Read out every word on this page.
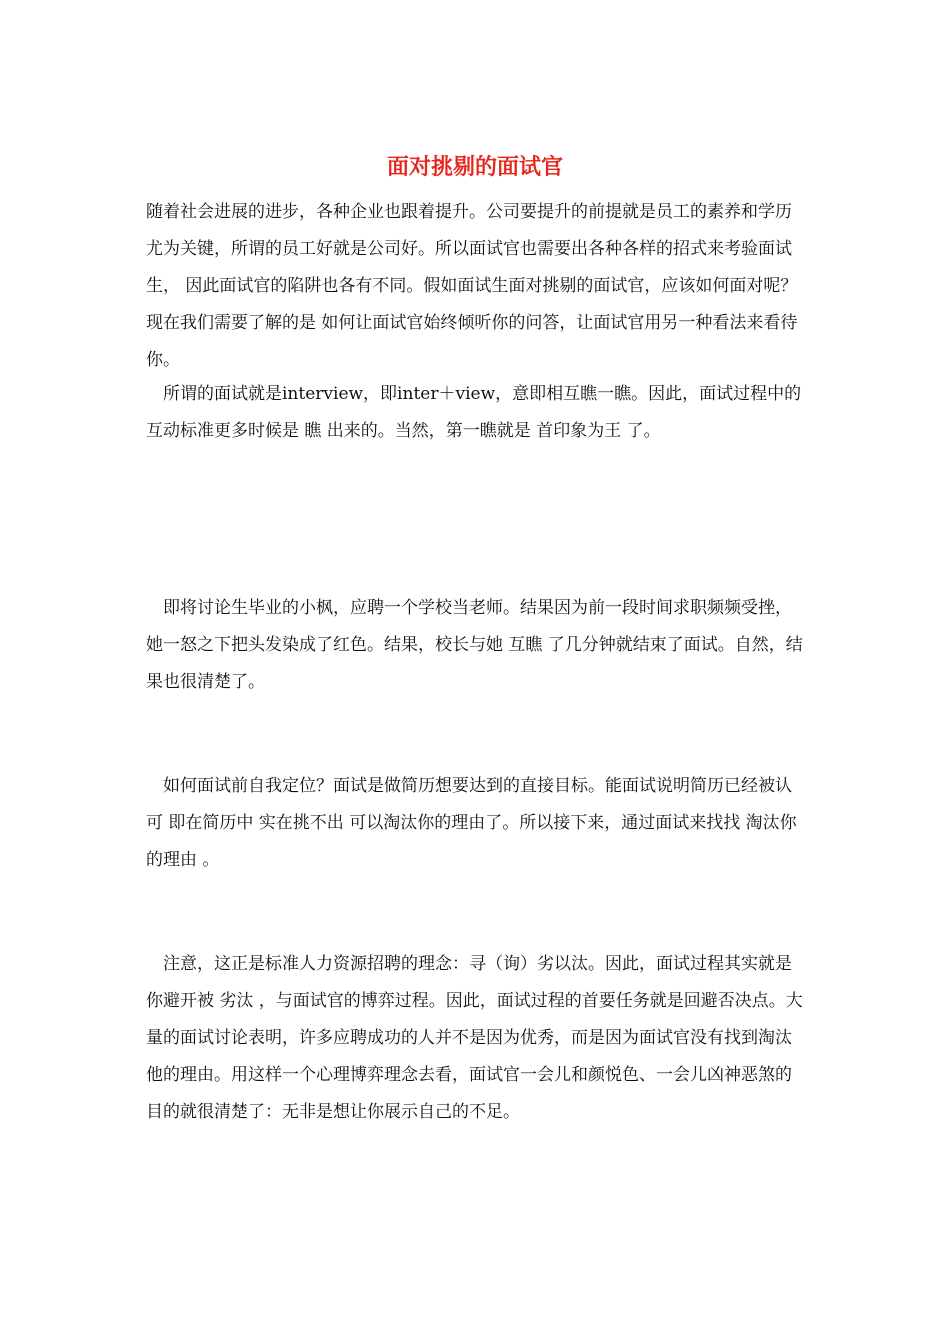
面对挑剔的面试官

随着社会进展的进步，各种企业也跟着提升。公司要提升的前提就是员工的素养和学历尤为关键，所谓的员工好就是公司好。所以面试官也需要出各种各样的招式来考验面试生， 因此面试官的陷阱也各有不同。假如面试生面对挑剔的面试官，应该如何面对呢？现在我们需要了解的是 如何让面试官始终倾听你的问答，让面试官用另一种看法来看待你。

所谓的面试就是interview，即inter＋view，意即相互瞧一瞧。因此，面试过程中的互动标准更多时候是 瞧 出来的。当然，第一瞧就是 首印象为王 了。

即将讨论生毕业的小枫，应聘一个学校当老师。结果因为前一段时间求职频频受挫，她一怒之下把头发染成了红色。结果，校长与她 互瞧 了几分钟就结束了面试。自然，结果也很清楚了。

如何面试前自我定位？面试是做简历想要达到的直接目标。能面试说明简历已经被认可 即在简历中 实在挑不出 可以淘汰你的理由了。所以接下来，通过面试来找找 淘汰你的理由 。

注意，这正是标准人力资源招聘的理念：寻（询）劣以汰。因此，面试过程其实就是你避开被 劣汰 ，与面试官的博弈过程。因此，面试过程的首要任务就是回避否决点。大量的面试讨论表明，许多应聘成功的人并不是因为优秀，而是因为面试官没有找到淘汰他的理由。用这样一个心理博弈理念去看，面试官一会儿和颜悦色、一会儿凶神恶煞的目的就很清楚了：无非是想让你展示自己的不足。
